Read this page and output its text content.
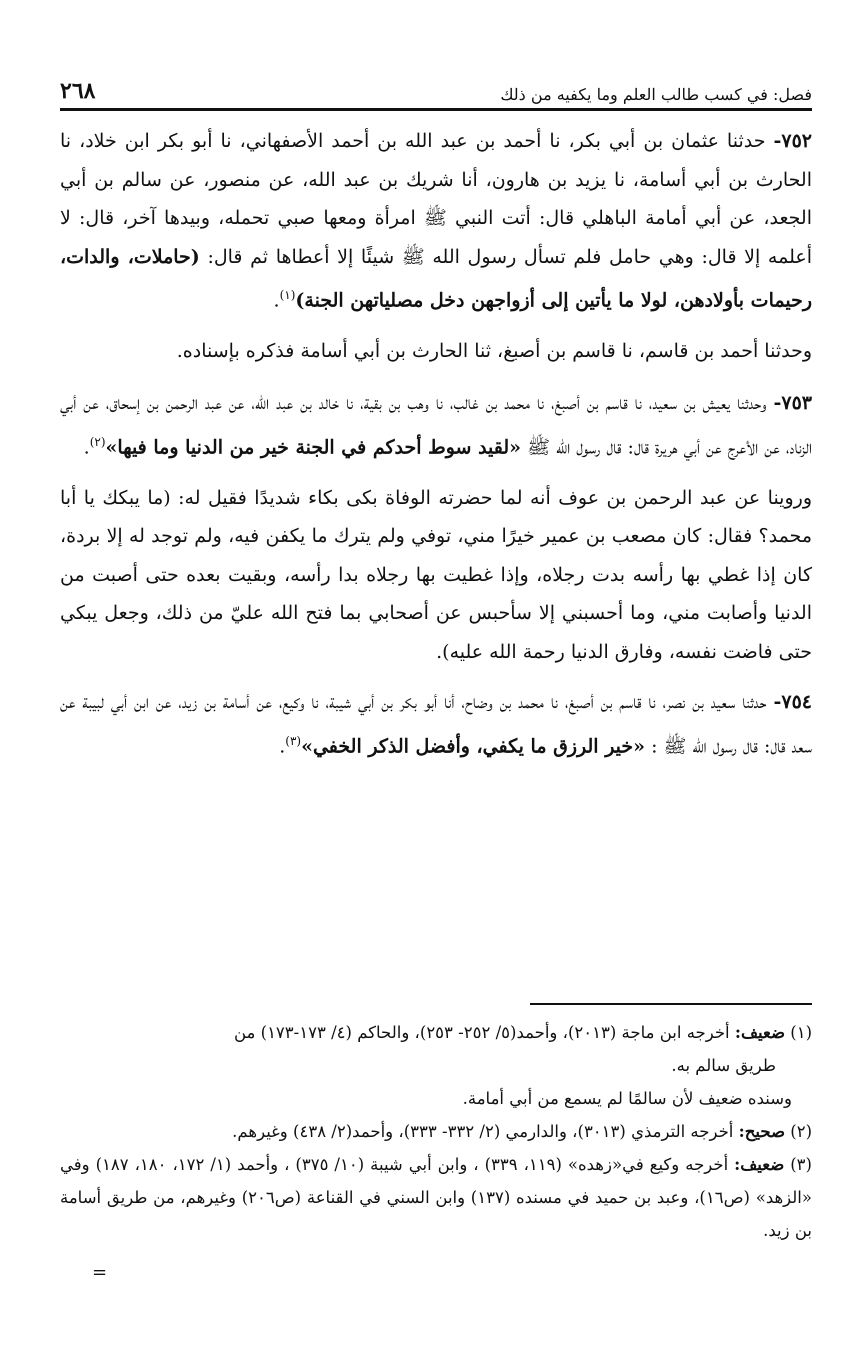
٢٦٨	فصل: في كسب طالب العلم وما يكفيه من ذلك

٧٥٢- حدثنا عثمان بن أبي بكر، نا أحمد بن عبد الله بن أحمد الأصفهاني، نا أبو بكر ابن خلاد، نا الحارث بن أبي أسامة، نا يزيد بن هارون، أنا شريك بن عبد الله، عن منصور، عن سالم بن أبي الجعد، عن أبي أمامة الباهلي قال: أتت النبي ﷺ امرأة ومعها صبي تحمله، وبيدها آخر، قال: لا أعلمه إلا قال: وهي حامل فلم تسأل رسول الله ﷺ شيئًا إلا أعطاها ثم قال: (حاملات، والدات، رحيمات بأولادهن، لولا ما يأتين إلى أزواجهن دخل مصلياتهن الجنة)$^{(١)}$.

وحدثنا أحمد بن قاسم، نا قاسم بن أصبغ، ثنا الحارث بن أبي أسامة فذكره بإسناده.

٧٥٣- وحدثنا يعيش بن سعيد، نا قاسم بن أصبغ، نا محمد بن غالب، نا وهب بن بقية، نا خالد بن عبد الله، عن عبد الرحمن بن إسحاق، عن أبي الزناد، عن الأعرج عن أبي هريرة قال: قال رسول الله ﷺ «لقيد سوط أحدكم في الجنة خير من الدنيا وما فيها»$^{(٢)}$.

وروينا عن عبد الرحمن بن عوف أنه لما حضرته الوفاة بكى بكاء شديدًا فقيل له: (ما يبكك يا أبا محمد؟ فقال: كان مصعب بن عمير خيرًا مني، توفي ولم يترك ما يكفن فيه، ولم توجد له إلا بردة، كان إذا غطي بها رأسه بدت رجلاه، وإذا غطيت بها رجلاه بدا رأسه، وبقيت بعده حتى أصبت من الدنيا وأصابت مني، وما أحسبني إلا سأحبس عن أصحابي بما فتح الله عليّ من ذلك، وجعل يبكي حتى فاضت نفسه، وفارق الدنيا رحمة الله عليه).

٧٥٤- حدثنا سعيد بن نصر، نا قاسم بن أصبغ، نا محمد بن وضاح، أنا أبو بكر بن أبي شيبة، نا وكيع، عن أسامة بن زيد، عن ابن أبي لبيبة عن سعد قال: قال رسول الله ﷺ : «خير الرزق ما يكفي، وأفضل الذكر الخفي»$^{(٣)}$.

(١) ضعيف: أخرجه ابن ماجة (٢٠١٣)، وأحمد(٥/ ٢٥٢- ٢٥٣)، والحاكم (٤/ ١٧٣-١٧٣) من

طريق سالم به.

وسنده ضعيف لأن سالمًا لم يسمع من أبي أمامة.

(٢) صحيح: أخرجه الترمذي (٣٠١٣)، والدارمي (٢/ ٣٣٢- ٣٣٣)، وأحمد(٢/ ٤٣٨) وغيرهم.

(٣) ضعيف: أخرجه وكيع في«زهده» (١١٩، ٣٣٩) ، وابن أبي شيبة (١٠/ ٣٧٥) ، وأحمد (١/ ١٧٢، ١٨٠، ١٨٧) وفي «الزهد» (ص١٦)، وعبد بن حميد في مسنده (١٣٧) وابن السني في القناعة (ص٢٠٦) وغيرهم، من طريق أسامة بن زيد.

=
